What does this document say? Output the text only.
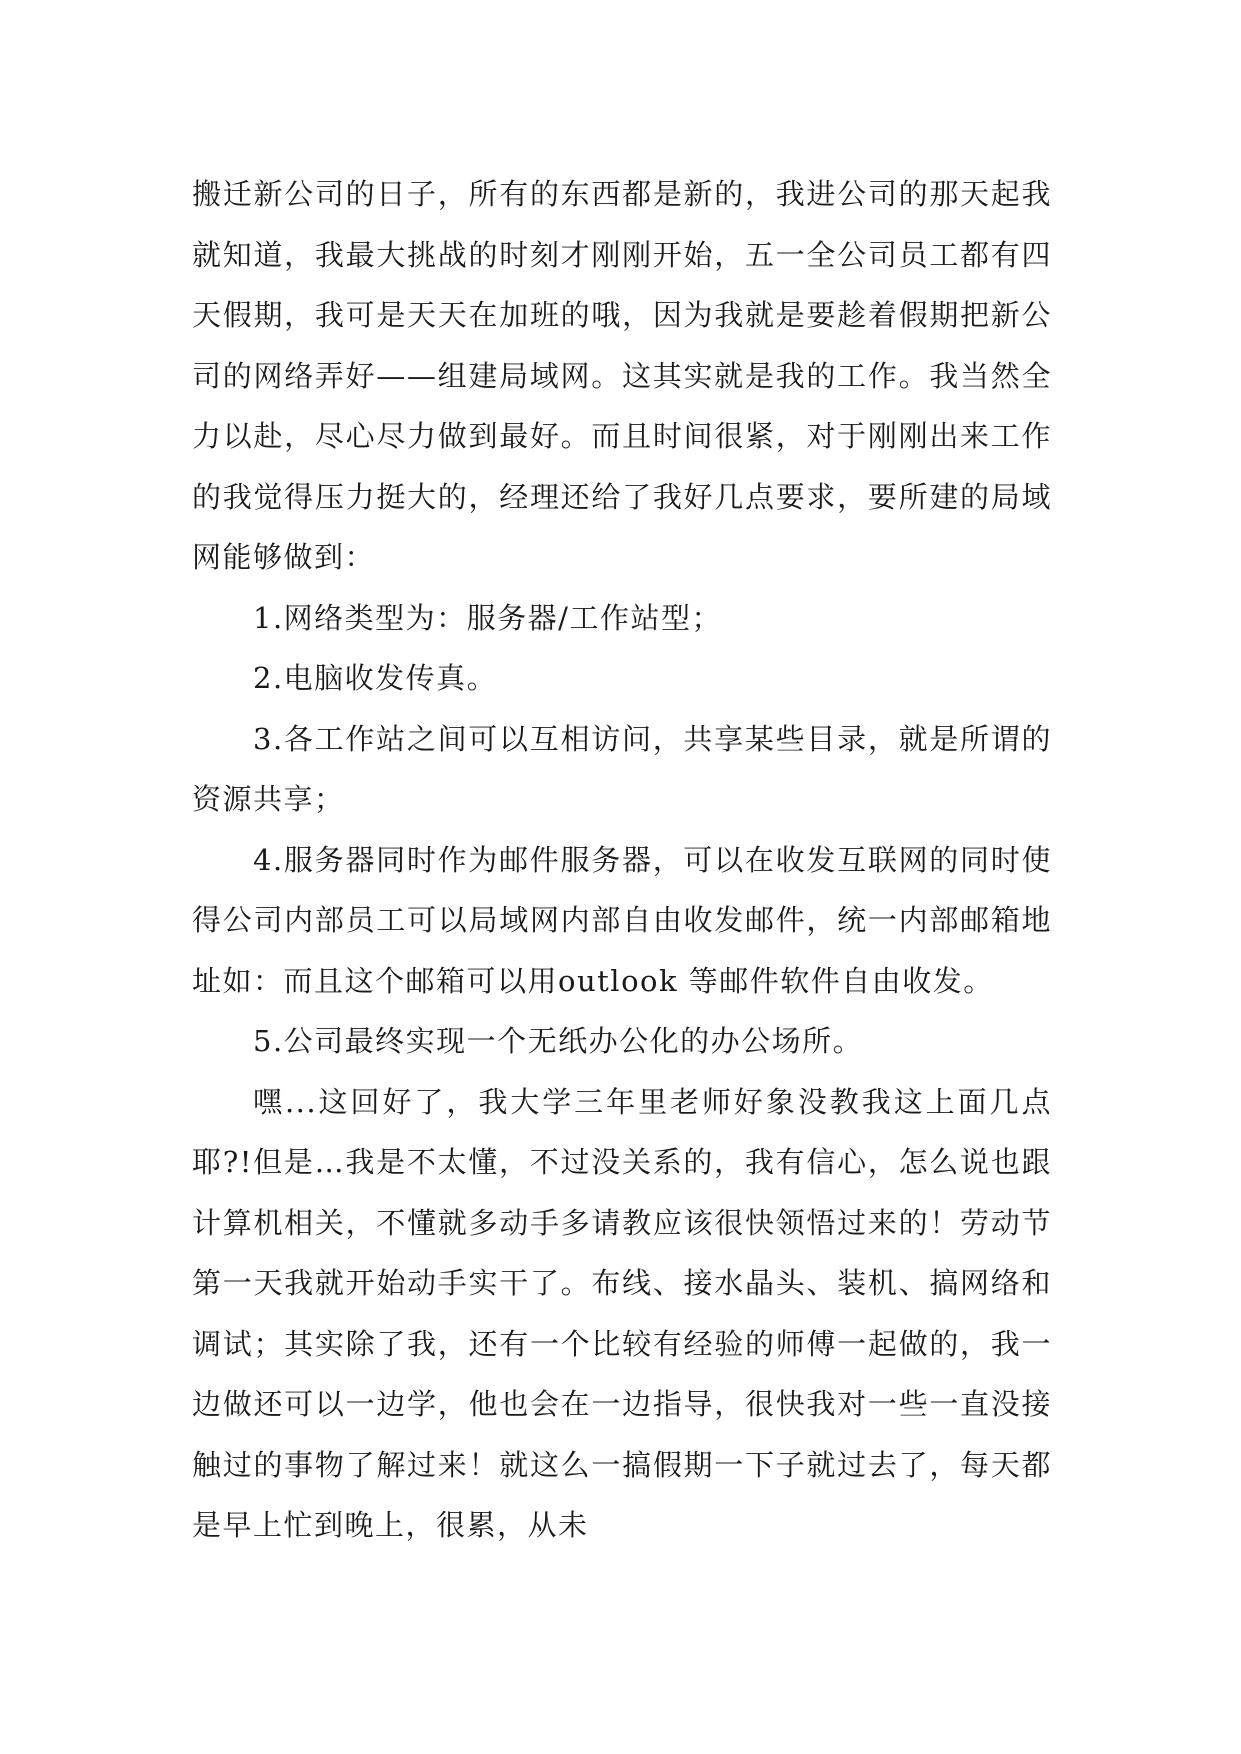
搬迁新公司的日子，所有的东西都是新的，我进公司的那天起我就知道，我最大挑战的时刻才刚刚开始，五一全公司员工都有四天假期，我可是天天在加班的哦，因为我就是要趁着假期把新公司的网络弄好——组建局域网。这其实就是我的工作。我当然全力以赴，尽心尽力做到最好。而且时间很紧，对于刚刚出来工作的我觉得压力挺大的，经理还给了我好几点要求，要所建的局域网能够做到：

1.网络类型为：服务器/工作站型；

2.电脑收发传真。

3.各工作站之间可以互相访问，共享某些目录，就是所谓的资源共享；

4.服务器同时作为邮件服务器，可以在收发互联网的同时使得公司内部员工可以局域网内部自由收发邮件，统一内部邮箱地址如：而且这个邮箱可以用outlook 等邮件软件自由收发。

5.公司最终实现一个无纸办公化的办公场所。

嘿...这回好了，我大学三年里老师好象没教我这上面几点耶?!但是…我是不太懂，不过没关系的，我有信心，怎么说也跟计算机相关，不懂就多动手多请教应该很快领悟过来的！劳动节第一天我就开始动手实干了。布线、接水晶头、装机、搞网络和调试；其实除了我，还有一个比较有经验的师傅一起做的，我一边做还可以一边学，他也会在一边指导，很快我对一些一直没接触过的事物了解过来！就这么一搞假期一下子就过去了，每天都是早上忙到晚上，很累，从未
